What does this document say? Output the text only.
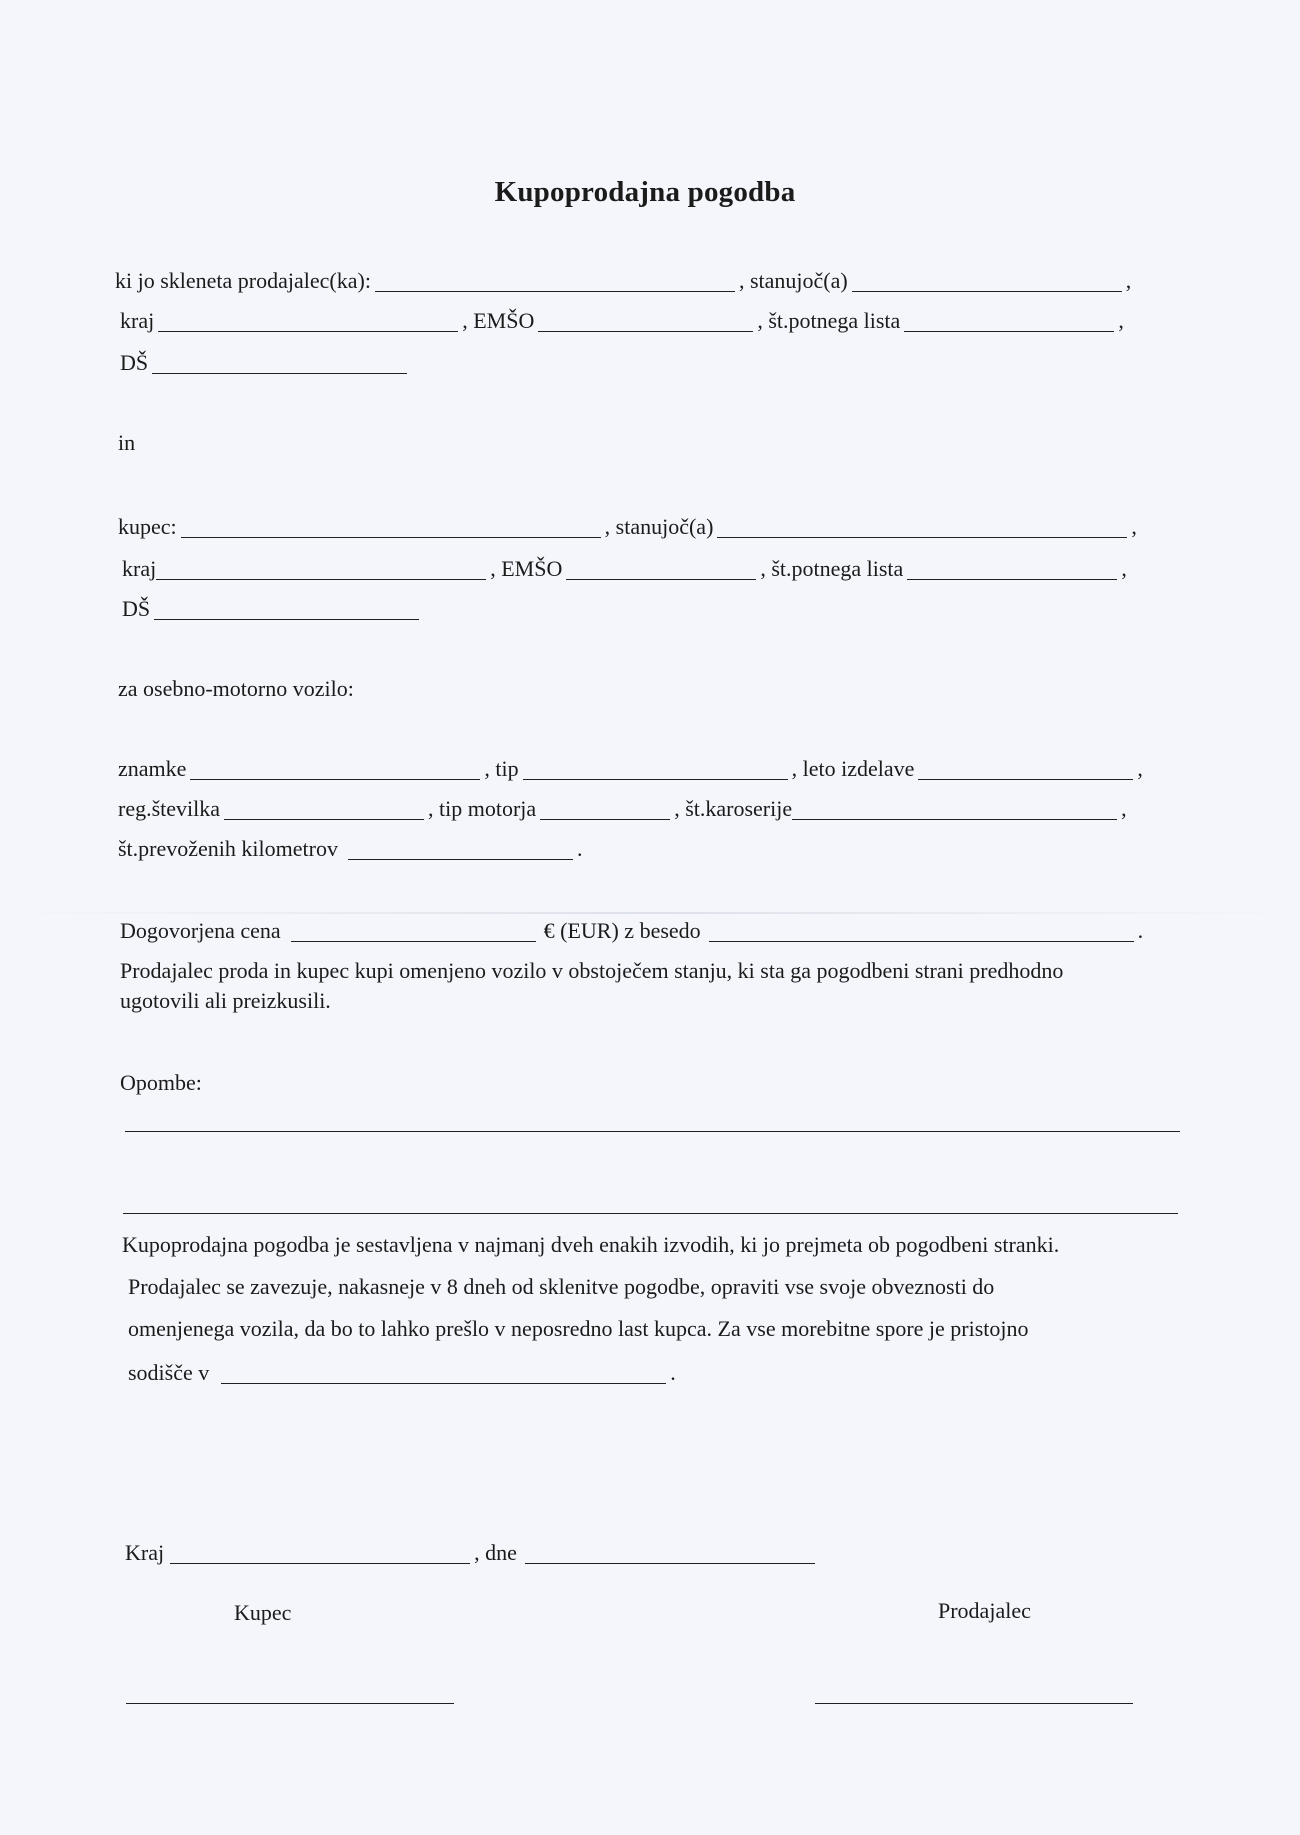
Kupoprodajna pogodba
ki jo skleneta prodajalec(ka):	, stanujoč(a)	,
kraj	, EMŠO	, št.potnega lista	,
DŠ
in
kupec:	, stanujoč(a)	,
kraj	, EMŠO	, št.potnega lista	,
DŠ
za osebno-motorno vozilo:
znamke	, tip	, leto izdelave	,
reg.številka	, tip motorja	, št.karoserije	,
št.prevoženih kilometrov	.
Dogovorjena cena	€ (EUR) z besedo	.
Prodajalec proda in kupec kupi omenjeno vozilo v obstoječem stanju, ki sta ga pogodbeni strani predhodno
ugotovili ali preizkusili.
Opombe:
Kupoprodajna pogodba je sestavljena v najmanj dveh enakih izvodih, ki jo prejmeta ob pogodbeni stranki.
Prodajalec se zavezuje, nakasneje v 8 dneh od sklenitve pogodbe, opraviti vse svoje obveznosti do
omenjenega vozila, da bo to lahko prešlo v neposredno last kupca. Za vse morebitne spore je pristojno
sodišče v	.
Kraj	, dne
Kupec	Prodajalec
